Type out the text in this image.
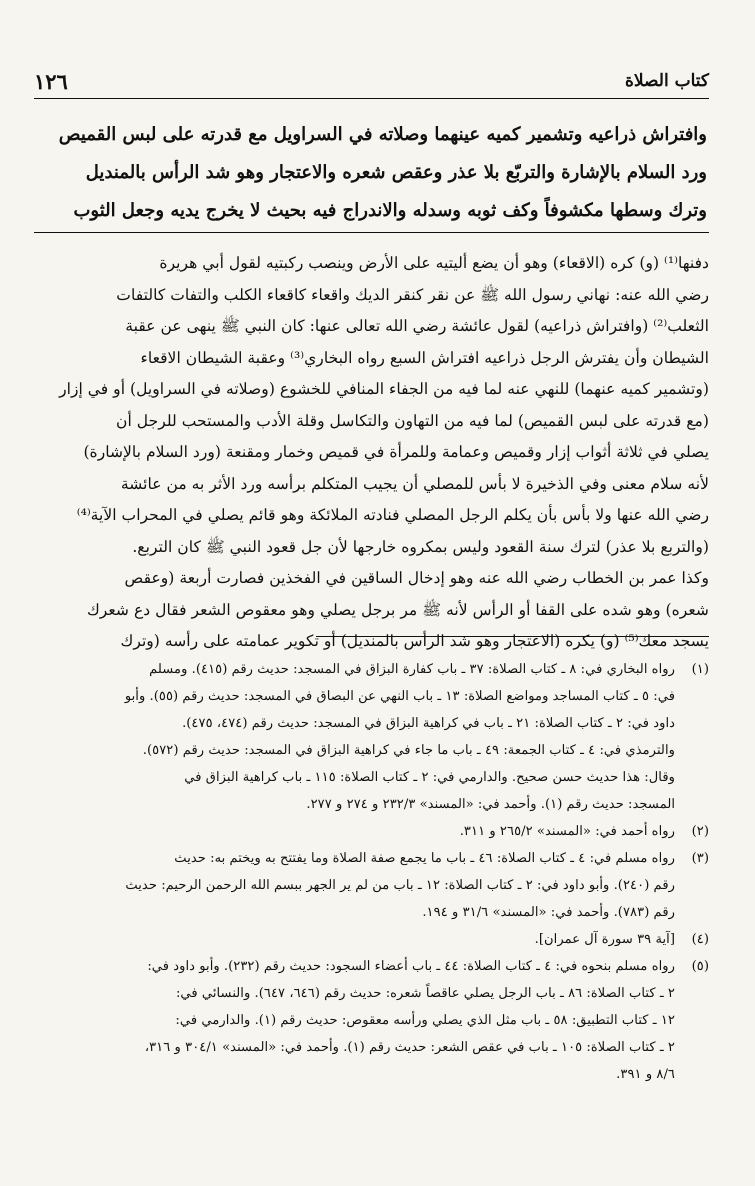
كتاب الصلاة
١٢٦
وافتراش ذراعيه وتشمير كميه عينهما وصلاته في السراويل مع قدرته على لبس القميص
ورد السلام بالإشارة والتربّع بلا عذر وعقص شعره والاعتجار وهو شد الرأس بالمنديل
وترك وسطها مكشوفاً وكف ثوبه وسدله والاندراج فيه بحيث لا يخرج يديه وجعل الثوب
دفنها⁽¹⁾ (و) كره (الاقعاء) وهو أن يضع أليتيه على الأرض وينصب ركبتيه لقول أبي هريرة
رضي الله عنه: نهاني رسول الله ﷺ عن نقر كنقر الديك واقعاء كاقعاء الكلب والتفات كالتفات
الثعلب⁽²⁾ (وافتراش ذراعيه) لقول عائشة رضي الله تعالى عنها: كان النبي ﷺ ينهى عن عقبة
الشيطان وأن يفترش الرجل ذراعيه افتراش السبع رواه البخاري⁽³⁾ وعقبة الشيطان الاقعاء
(وتشمير كميه عنهما) للنهي عنه لما فيه من الجفاء المنافي للخشوع (وصلاته في السراويل) أو في إزار
(مع قدرته على لبس القميص) لما فيه من التهاون والتكاسل وقلة الأدب والمستحب للرجل أن
يصلي في ثلاثة أثواب إزار وقميص وعمامة وللمرأة في قميص وخمار ومقنعة (ورد السلام بالإشارة)
لأنه سلام معنى وفي الذخيرة لا بأس للمصلي أن يجيب المتكلم برأسه ورد الأثر به من عائشة
رضي الله عنها ولا بأس بأن يكلم الرجل المصلي فنادته الملائكة وهو قائم يصلي في المحراب الآية⁽⁴⁾
(والتربع بلا عذر) لترك سنة القعود وليس بمكروه خارجها لأن جل قعود النبي ﷺ كان التربع.
وكذا عمر بن الخطاب رضي الله عنه وهو إدخال الساقين في الفخذين فصارت أربعة (وعقص
شعره) وهو شده على القفا أو الرأس لأنه ﷺ مر برجل يصلي وهو معقوص الشعر فقال دع شعرك
يسجد معك⁽⁵⁾ (و) يكره (الاعتجار وهو شد الرأس بالمنديل) أو تكوير عمامته على رأسه (وترك
(١)
رواه البخاري في: ٨ ـ كتاب الصلاة: ٣٧ ـ باب كفارة البزاق في المسجد: حديث رقم (٤١٥). ومسلم
في: ٥ ـ كتاب المساجد ومواضع الصلاة: ١٣ ـ باب النهي عن البصاق في المسجد: حديث رقم (٥٥). وأبو
داود في: ٢ ـ كتاب الصلاة: ٢١ ـ باب في كراهية البزاق في المسجد: حديث رقم (٤٧٤، ٤٧٥).
والترمذي في: ٤ ـ كتاب الجمعة: ٤٩ ـ باب ما جاء في كراهية البزاق في المسجد: حديث رقم (٥٧٢).
وقال: هذا حديث حسن صحيح. والدارمي في: ٢ ـ كتاب الصلاة: ١١٥ ـ باب كراهية البزاق في
المسجد: حديث رقم (١). وأحمد في: «المسند» ٢٣٢/٣ و ٢٧٤ و ٢٧٧.
(٢)
رواه أحمد في: «المسند» ٢٦٥/٢ و ٣١١.
(٣)
رواه مسلم في: ٤ ـ كتاب الصلاة: ٤٦ ـ باب ما يجمع صفة الصلاة وما يفتتح به ويختم به: حديث
رقم (٢٤٠). وأبو داود في: ٢ ـ كتاب الصلاة: ١٢ ـ باب من لم ير الجهر ببسم الله الرحمن الرحيم: حديث
رقم (٧٨٣). وأحمد في: «المسند» ٣١/٦ و ١٩٤.
(٤)
[آية ٣٩ سورة آل عمران].
(٥)
رواه مسلم بنحوه في: ٤ ـ كتاب الصلاة: ٤٤ ـ باب أعضاء السجود: حديث رقم (٢٣٢). وأبو داود في:
٢ ـ كتاب الصلاة: ٨٦ ـ باب الرجل يصلي عاقصاً شعره: حديث رقم (٦٤٦، ٦٤٧). والنسائي في:
١٢ ـ كتاب التطبيق: ٥٨ ـ باب مثل الذي يصلي ورأسه معقوص: حديث رقم (١). والدارمي في:
٢ ـ كتاب الصلاة: ١٠٥ ـ باب في عقص الشعر: حديث رقم (١). وأحمد في: «المسند» ٣٠٤/١ و ٣١٦،
٨/٦ و ٣٩١.
